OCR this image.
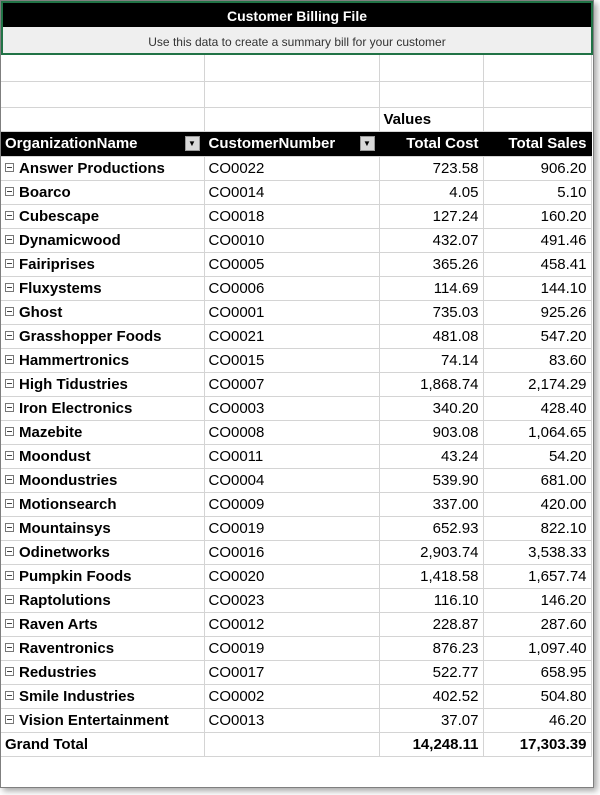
Customer Billing File
Use this data to create a summary bill for your customer

		Values	

OrganizationName ▼	CustomerNumber ▼	Total Cost	Total Sales
Answer Productions	CO0022	723.58	906.20
Boarco	CO0014	4.05	5.10
Cubescape	CO0018	127.24	160.20
Dynamicwood	CO0010	432.07	491.46
Fairiprises	CO0005	365.26	458.41
Fluxystems	CO0006	114.69	144.10
Ghost	CO0001	735.03	925.26
Grasshopper Foods	CO0021	481.08	547.20
Hammertronics	CO0015	74.14	83.60
High Tidustries	CO0007	1,868.74	2,174.29
Iron Electronics	CO0003	340.20	428.40
Mazebite	CO0008	903.08	1,064.65
Moondust	CO0011	43.24	54.20
Moondustries	CO0004	539.90	681.00
Motionsearch	CO0009	337.00	420.00
Mountainsys	CO0019	652.93	822.10
Odinetworks	CO0016	2,903.74	3,538.33
Pumpkin Foods	CO0020	1,418.58	1,657.74
Raptolutions	CO0023	116.10	146.20
Raven Arts	CO0012	228.87	287.60
Raventronics	CO0019	876.23	1,097.40
Redustries	CO0017	522.77	658.95
Smile Industries	CO0002	402.52	504.80
Vision Entertainment	CO0013	37.07	46.20
Grand Total		14,248.11	17,303.39
